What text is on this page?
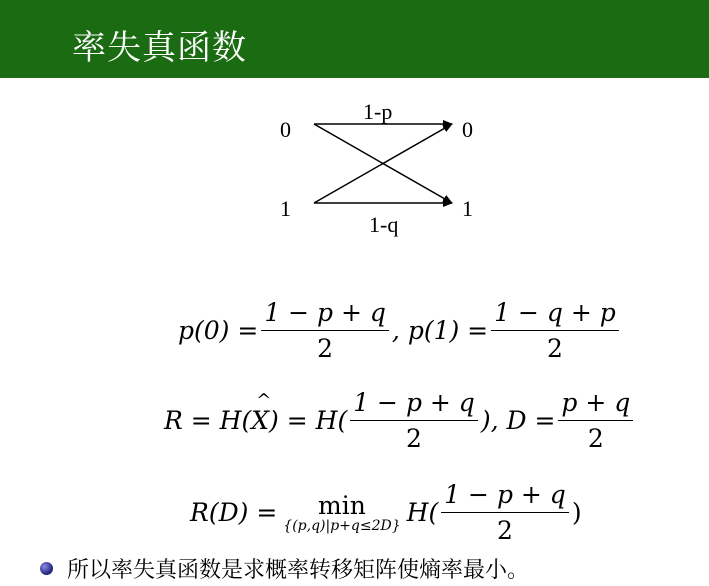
率失真函数
0
1
0
1
1-p
1-q
$p(0) = \frac{1 - p + q}{2}$ , $p(1) = \frac{1 - q + p}{2}$
R = H(
^ X ) = $H( \frac{1 - p + q}{2}$ ), $D = \frac{p + q}{2}$
R(D) = min
{(p,q)|p+q≤2D} $H( \frac{1 - p + q}{2}$ )
所以率失真函数是求概率转移矩阵使熵率最小。
